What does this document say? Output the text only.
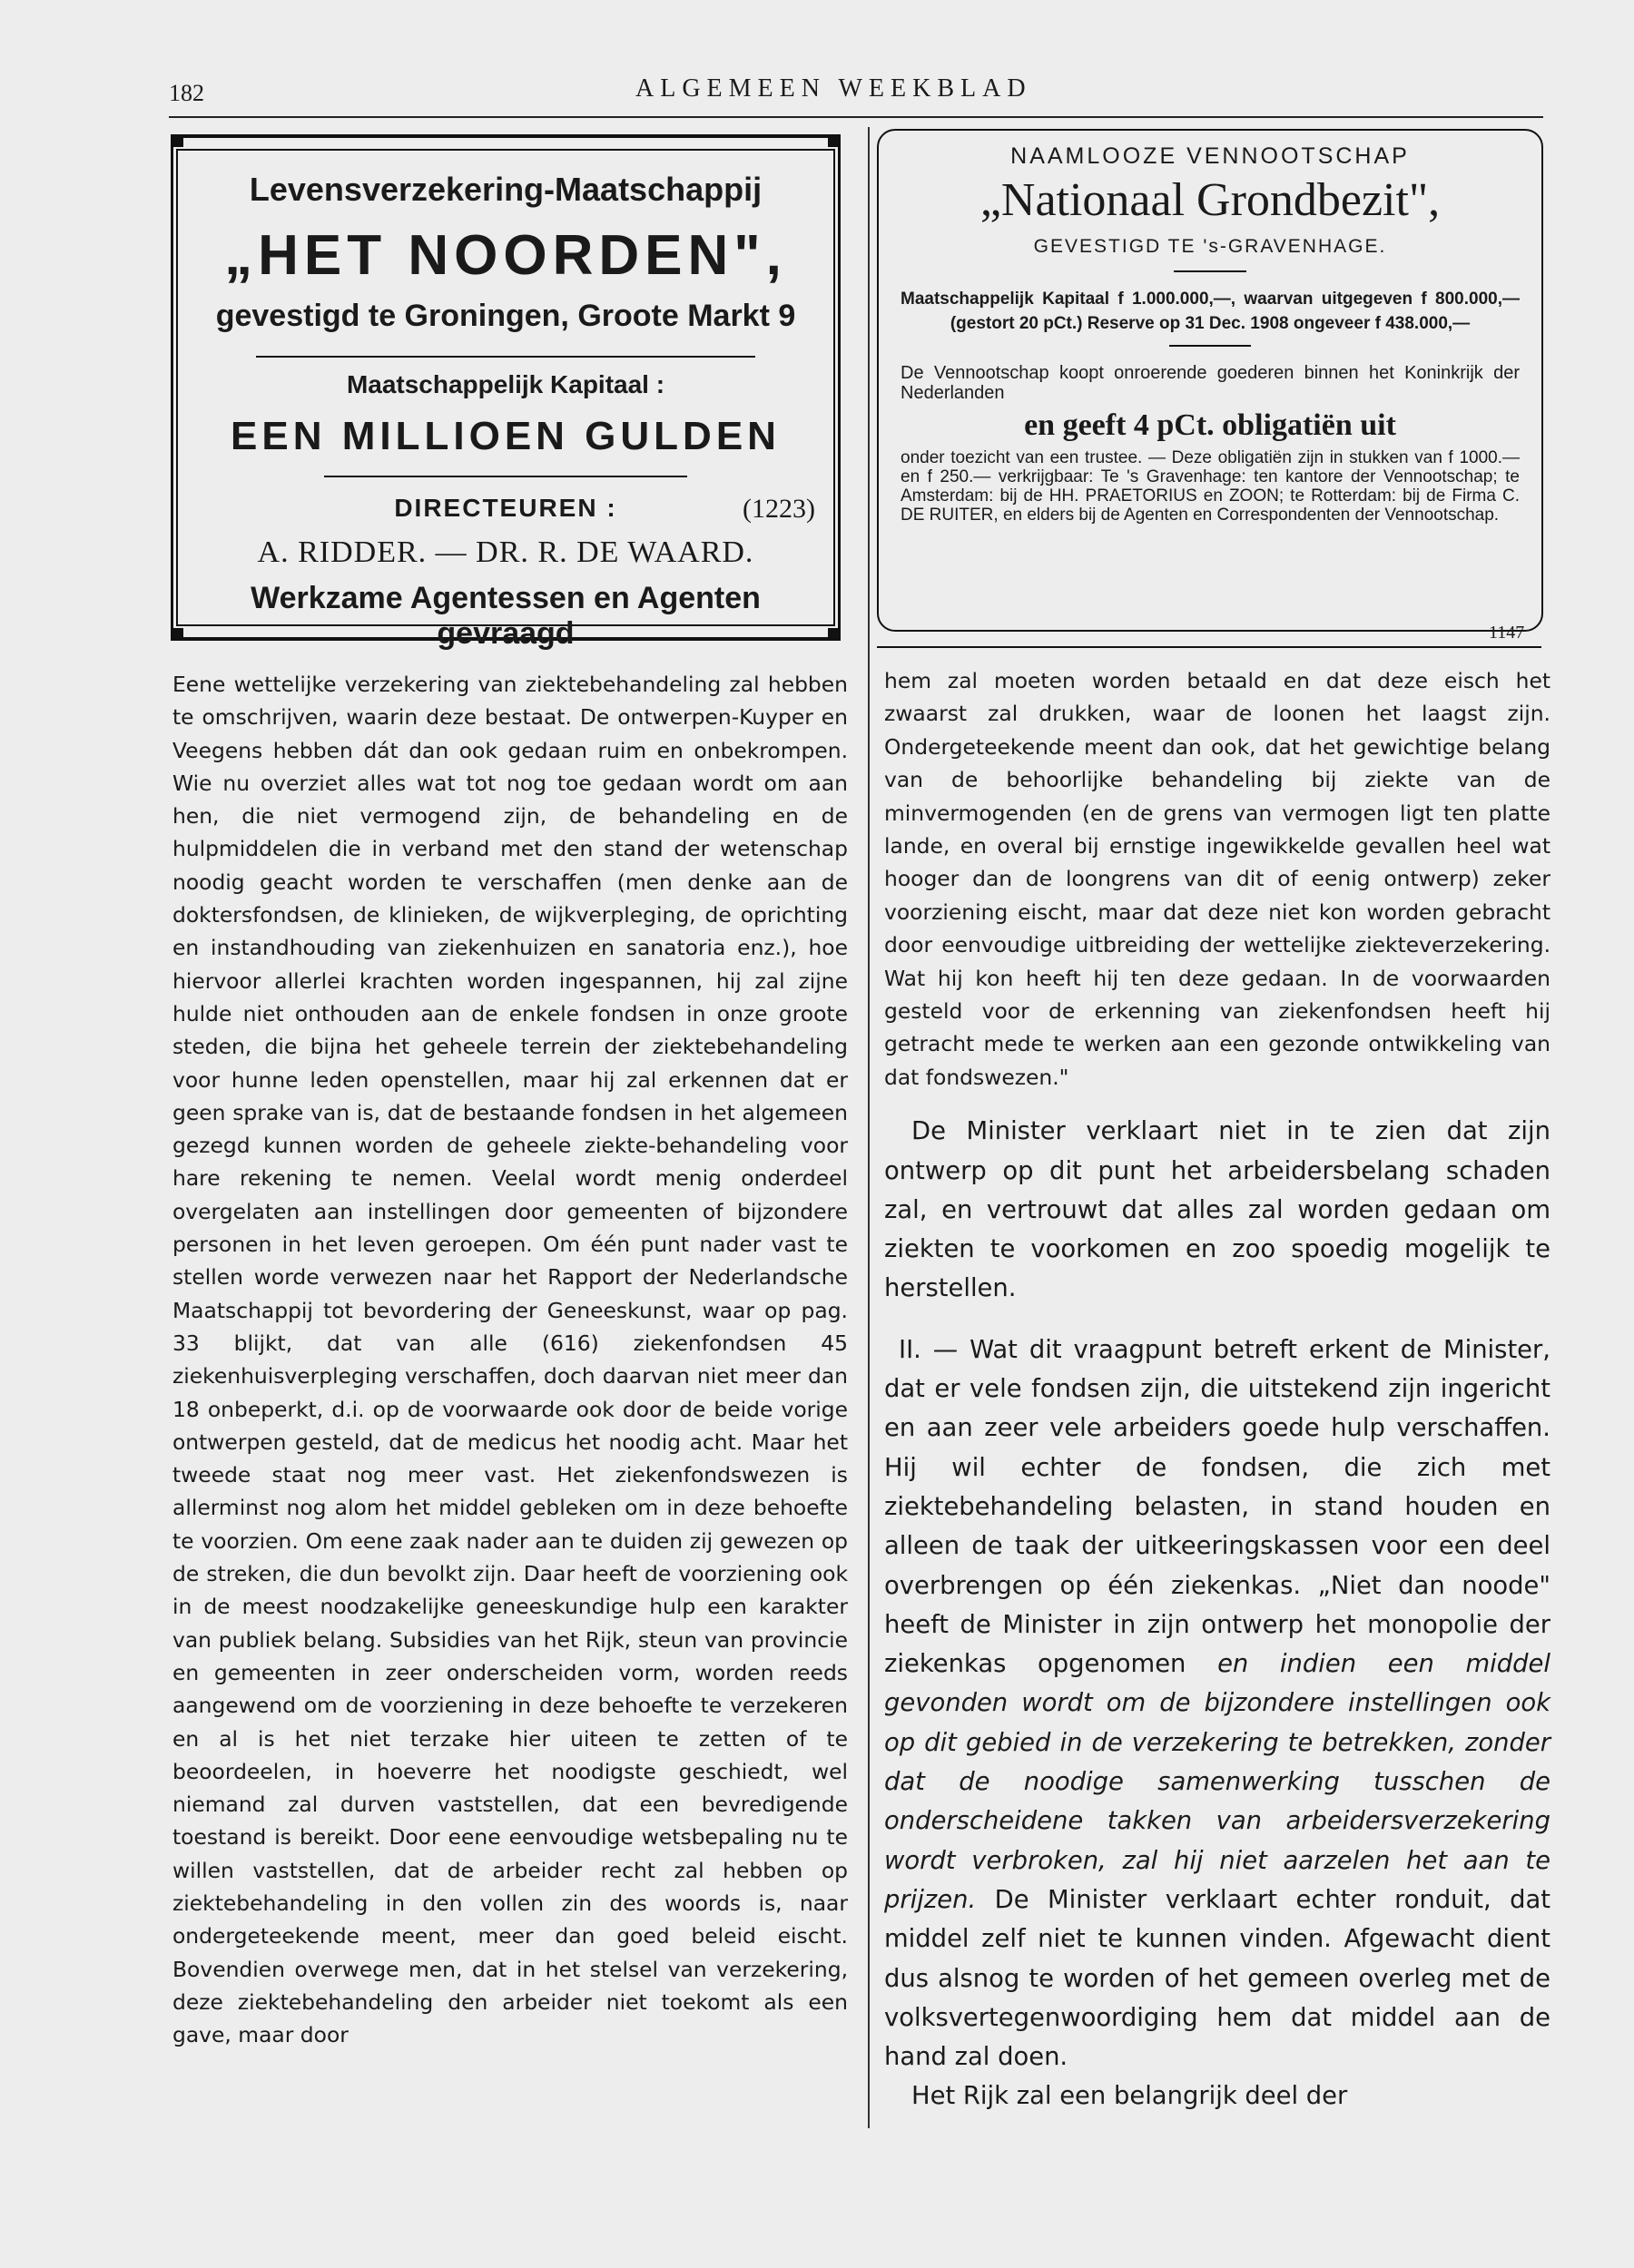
182	ALGEMEEN WEEKBLAD
Levensverzekering-Maatschappij
„HET NOORDEN",
gevestigd te Groningen, Groote Markt 9
Maatschappelijk Kapitaal :
EEN MILLIOEN GULDEN
DIRECTEUREN :	(1223)
A. RIDDER. — DR. R. DE WAARD.
Werkzame Agentessen en Agenten gevraagd
NAAMLOOZE VENNOOTSCHAP
„Nationaal Grondbezit",
GEVESTIGD TE 's-GRAVENHAGE.
Maatschappelijk Kapitaal f 1.000.000,—, waarvan uitgegeven f 800.000,— (gestort 20 pCt.) Reserve op 31 Dec. 1908 ongeveer f 438.000,—
De Vennootschap koopt onroerende goederen binnen het Koninkrijk der Nederlanden
en geeft 4 pCt. obligatiën uit
onder toezicht van een trustee. — Deze obligatiën zijn in stukken van f 1000.— en f 250.— verkrijgbaar: Te 's Gravenhage: ten kantore der Vennootschap; te Amsterdam: bij de HH. PRAETORIUS en ZOON; te Rotterdam: bij de Firma C. DE RUITER, en elders bij de Agenten en Correspondenten der Vennootschap.
1147

Eene wettelijke verzekering van ziektebehandeling zal hebben te omschrijven, waarin deze bestaat. De ontwerpen-Kuyper en Veegens hebben dát dan ook gedaan ruim en onbekrompen. Wie nu overziet alles wat tot nog toe gedaan wordt om aan hen, die niet vermogend zijn, de behandeling en de hulpmiddelen die in verband met den stand der wetenschap noodig geacht worden te verschaffen (men denke aan de doktersfondsen, de klinieken, de wijkverpleging, de oprichting en instandhouding van ziekenhuizen en sanatoria enz.), hoe hiervoor allerlei krachten worden ingespannen, hij zal zijne hulde niet onthouden aan de enkele fondsen in onze groote steden, die bijna het geheele terrein der ziektebehandeling voor hunne leden openstellen, maar hij zal erkennen dat er geen sprake van is, dat de bestaande fondsen in het algemeen gezegd kunnen worden de geheele ziekte-behandeling voor hare rekening te nemen. Veelal wordt menig onderdeel overgelaten aan instellingen door gemeenten of bijzondere personen in het leven geroepen. Om één punt nader vast te stellen worde verwezen naar het Rapport der Nederlandsche Maatschappij tot bevordering der Geneeskunst, waar op pag. 33 blijkt, dat van alle (616) ziekenfondsen 45 ziekenhuisverpleging verschaffen, doch daarvan niet meer dan 18 onbeperkt, d.i. op de voorwaarde ook door de beide vorige ontwerpen gesteld, dat de medicus het noodig acht. Maar het tweede staat nog meer vast. Het ziekenfondswezen is allerminst nog alom het middel gebleken om in deze behoefte te voorzien. Om eene zaak nader aan te duiden zij gewezen op de streken, die dun bevolkt zijn. Daar heeft de voorziening ook in de meest noodzakelijke geneeskundige hulp een karakter van publiek belang. Subsidies van het Rijk, steun van provincie en gemeenten in zeer onderscheiden vorm, worden reeds aangewend om de voorziening in deze behoefte te verzekeren en al is het niet terzake hier uiteen te zetten of te beoordeelen, in hoeverre het noodigste geschiedt, wel niemand zal durven vaststellen, dat een bevredigende toestand is bereikt. Door eene eenvoudige wetsbepaling nu te willen vaststellen, dat de arbeider recht zal hebben op ziektebehandeling in den vollen zin des woords is, naar ondergeteekende meent, meer dan goed beleid eischt. Bovendien overwege men, dat in het stelsel van verzekering, deze ziektebehandeling den arbeider niet toekomt als een gave, maar door

hem zal moeten worden betaald en dat deze eisch het zwaarst zal drukken, waar de loonen het laagst zijn. Ondergeteekende meent dan ook, dat het gewichtige belang van de behoorlijke behandeling bij ziekte van de minvermogenden (en de grens van vermogen ligt ten platte lande, en overal bij ernstige ingewikkelde gevallen heel wat hooger dan de loongrens van dit of eenig ontwerp) zeker voorziening eischt, maar dat deze niet kon worden gebracht door eenvoudige uitbreiding der wettelijke ziekteverzekering. Wat hij kon heeft hij ten deze gedaan. In de voorwaarden gesteld voor de erkenning van ziekenfondsen heeft hij getracht mede te werken aan een gezonde ontwikkeling van dat fondswezen."

De Minister verklaart niet in te zien dat zijn ontwerp op dit punt het arbeidersbelang schaden zal, en vertrouwt dat alles zal worden gedaan om ziekten te voorkomen en zoo spoedig mogelijk te herstellen.

II. — Wat dit vraagpunt betreft erkent de Minister, dat er vele fondsen zijn, die uitstekend zijn ingericht en aan zeer vele arbeiders goede hulp verschaffen. Hij wil echter de fondsen, die zich met ziektebehandeling belasten, in stand houden en alleen de taak der uitkeeringskassen voor een deel overbrengen op één ziekenkas. „Niet dan noode" heeft de Minister in zijn ontwerp het monopolie der ziekenkas opgenomen en indien een middel gevonden wordt om de bijzondere instellingen ook op dit gebied in de verzekering te betrekken, zonder dat de noodige samenwerking tusschen de onderscheidene takken van arbeidersverzekering wordt verbroken, zal hij niet aarzelen het aan te prijzen. De Minister verklaart echter ronduit, dat middel zelf niet te kunnen vinden. Afgewacht dient dus alsnog te worden of het gemeen overleg met de volksvertegenwoordiging hem dat middel aan de hand zal doen.

Het Rijk zal een belangrijk deel der
